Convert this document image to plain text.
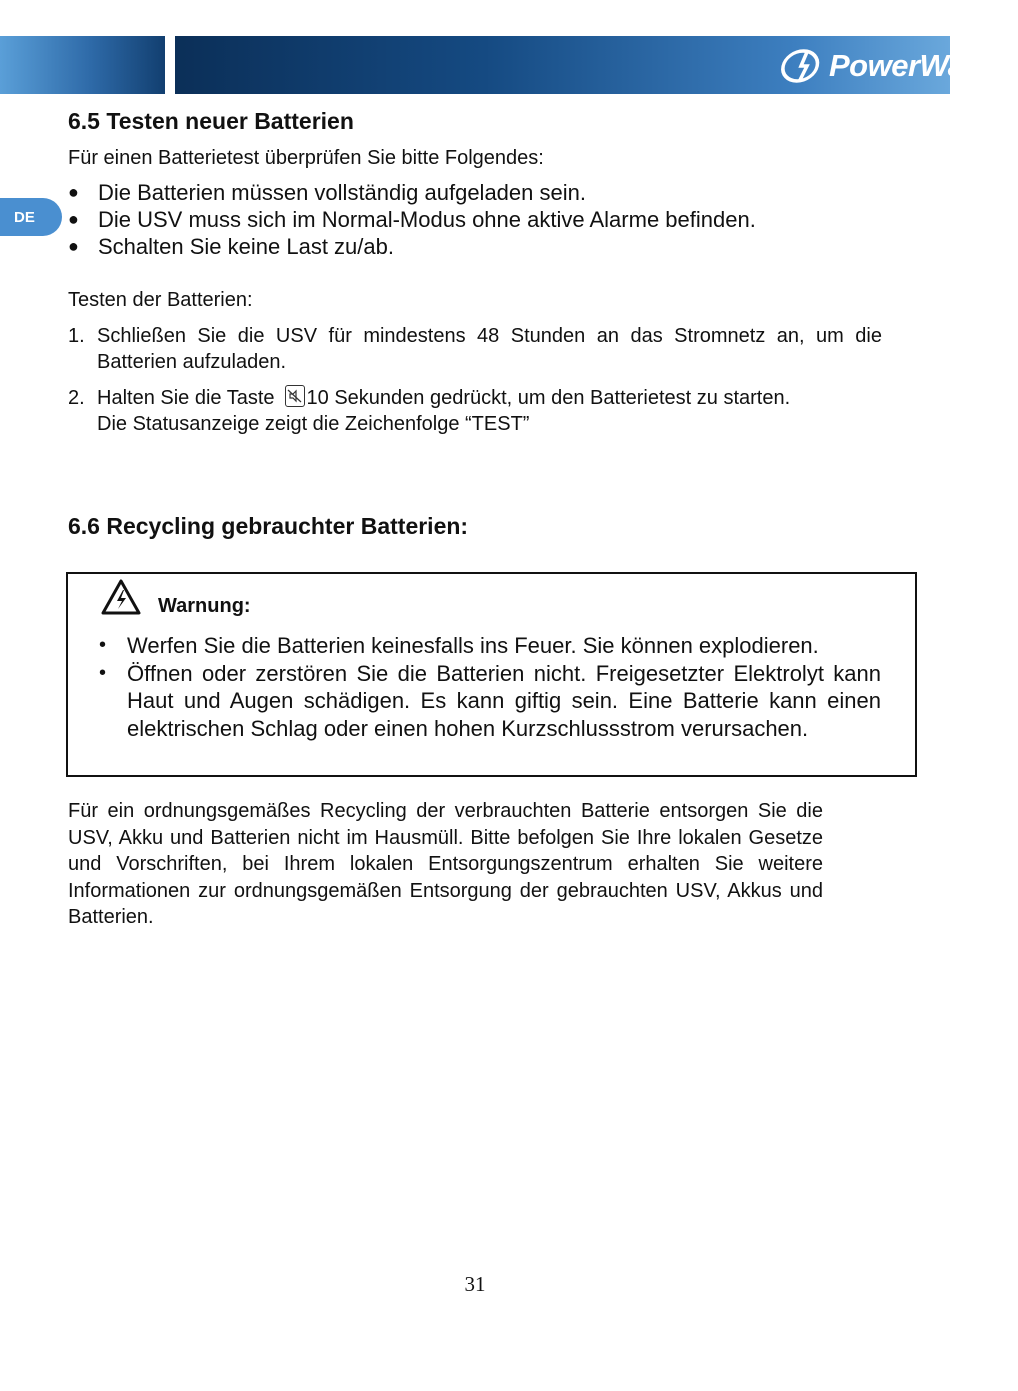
PowerWalker
DE
6.5 Testen neuer Batterien

Für einen Batterietest überprüfen Sie bitte Folgendes:

● Die Batterien müssen vollständig aufgeladen sein.
● Die USV muss sich im Normal-Modus ohne aktive Alarme befinden.
● Schalten Sie keine Last zu/ab.

Testen der Batterien:

1. Schließen Sie die USV für mindestens 48 Stunden an das Stromnetz an, um die Batterien aufzuladen.
2. Halten Sie die Taste 10 Sekunden gedrückt, um den Batterietest zu starten.
Die Statusanzeige zeigt die Zeichenfolge “TEST”
6.6 Recycling gebrauchter Batterien:
Warnung:
• Werfen Sie die Batterien keinesfalls ins Feuer. Sie können explodieren.
• Öffnen oder zerstören Sie die Batterien nicht. Freigesetzter Elektrolyt kann Haut und Augen schädigen. Es kann giftig sein. Eine Batterie kann einen elektrischen Schlag oder einen hohen Kurzschlussstrom verursachen.

Für ein ordnungsgemäßes Recycling der verbrauchten Batterie entsorgen Sie die USV, Akku und Batterien nicht im Hausmüll. Bitte befolgen Sie Ihre lokalen Gesetze und Vorschriften, bei Ihrem lokalen Entsorgungszentrum erhalten Sie weitere Informationen zur ordnungsgemäßen Entsorgung der gebrauchten USV, Akkus und Batterien.

31
